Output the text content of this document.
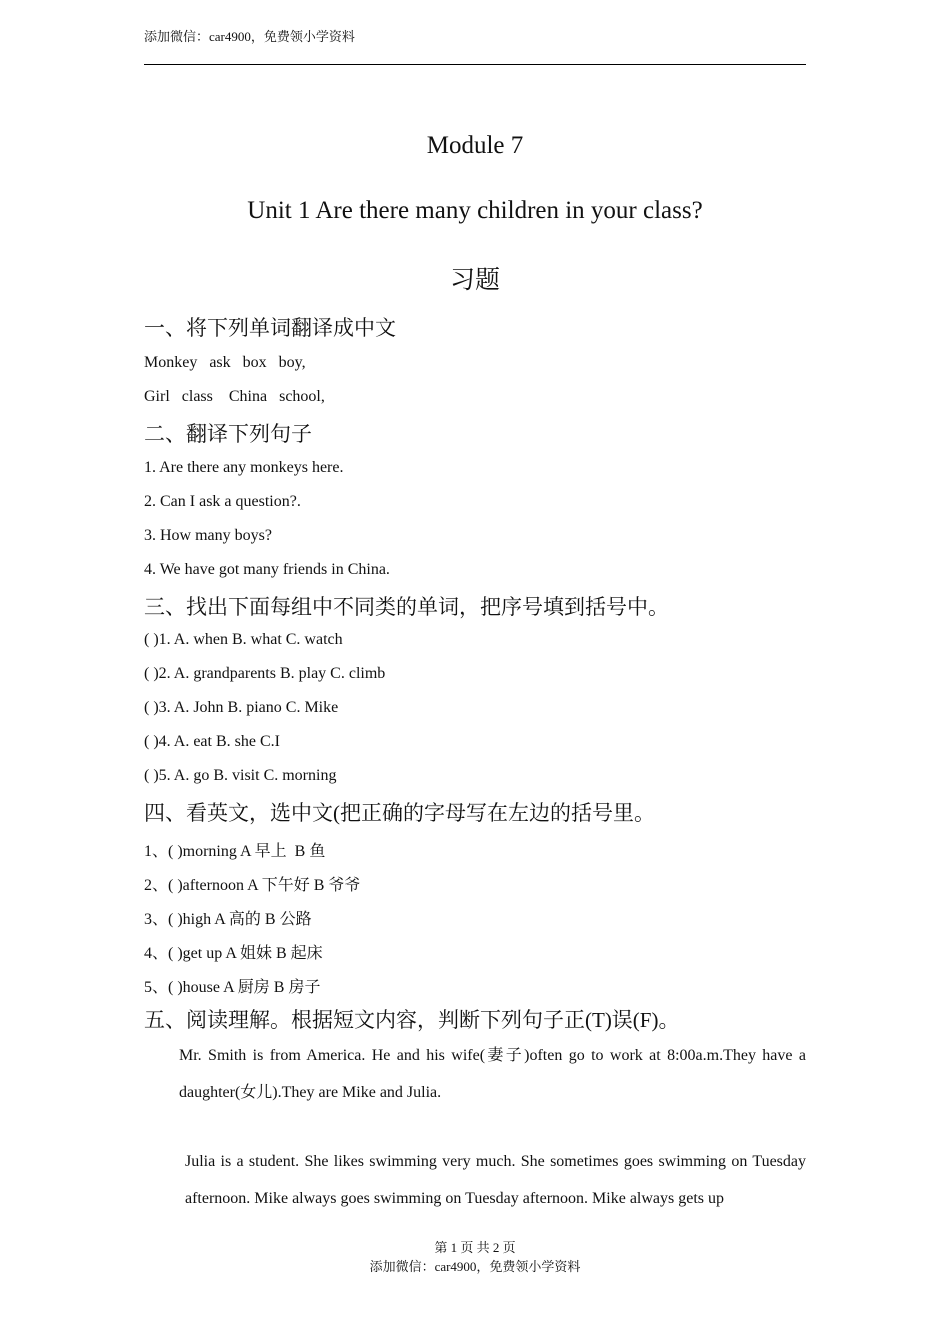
添加微信：car4900，免费领小学资料
Module 7
Unit 1 Are there many children in your class?
习题
一、将下列单词翻译成中文
Monkey   ask   box   boy,
Girl   class    China   school,
二、翻译下列句子
1. Are there any monkeys here.
2. Can I ask a question?.
3. How many boys?
4. We have got many friends in China.
三、找出下面每组中不同类的单词，把序号填到括号中。
( )1. A. when B. what C. watch
( )2. A. grandparents B. play C. climb
( )3. A. John B. piano C. Mike
( )4. A. eat B. she C.I
( )5. A. go B. visit C. morning
四、看英文，选中文(把正确的字母写在左边的括号里。
1、( )morning A 早上  B 鱼
2、( )afternoon A 下午好 B 爷爷
3、( )high A 高的 B 公路
4、( )get up A 姐妹 B 起床
5、( )house A 厨房 B 房子
五、阅读理解。根据短文内容，判断下列句子正(T)误(F)。
Mr. Smith is from America. He and his wife(妻子)often go to work at 8:00a.m.They have a daughter(女儿).They are Mike and Julia.
Julia is a student. She likes swimming very much. She sometimes goes swimming on Tuesday afternoon. Mike always goes swimming on Tuesday afternoon. Mike always gets up
第 1 页 共 2 页
添加微信：car4900，免费领小学资料
